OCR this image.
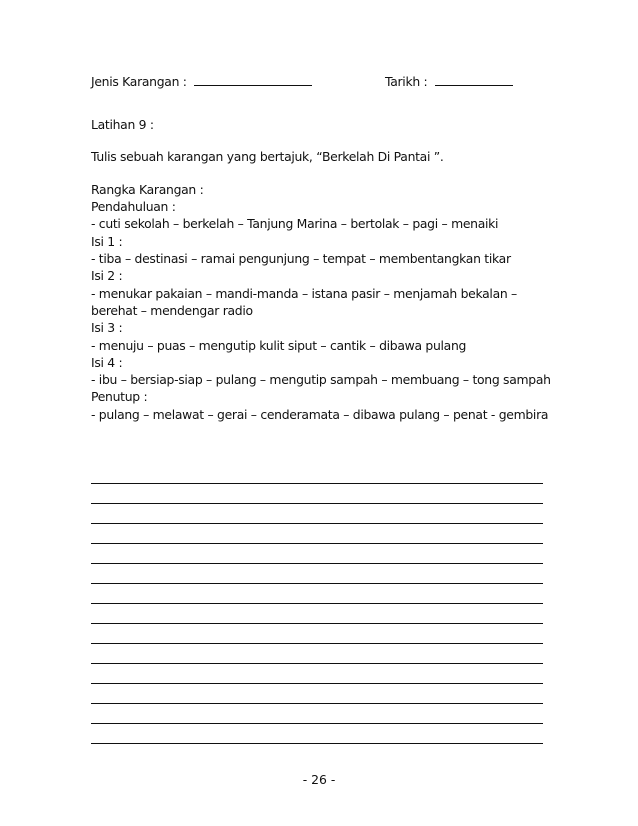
Jenis Karangan :	Tarikh :
Latihan 9 :
Tulis sebuah karangan yang bertajuk, “Berkelah Di Pantai ”.
Rangka Karangan :
Pendahuluan :
- cuti sekolah – berkelah – Tanjung Marina – bertolak – pagi – menaiki
Isi 1 :
- tiba – destinasi – ramai pengunjung – tempat – membentangkan tikar
Isi 2 :
- menukar pakaian – mandi-manda – istana pasir – menjamah bekalan –
berehat – mendengar radio
Isi 3 :
- menuju – puas – mengutip kulit siput – cantik – dibawa pulang
Isi 4 :
- ibu – bersiap-siap – pulang – mengutip sampah – membuang – tong sampah
Penutup :
- pulang – melawat – gerai – cenderamata – dibawa pulang – penat - gembira
- 26 -
